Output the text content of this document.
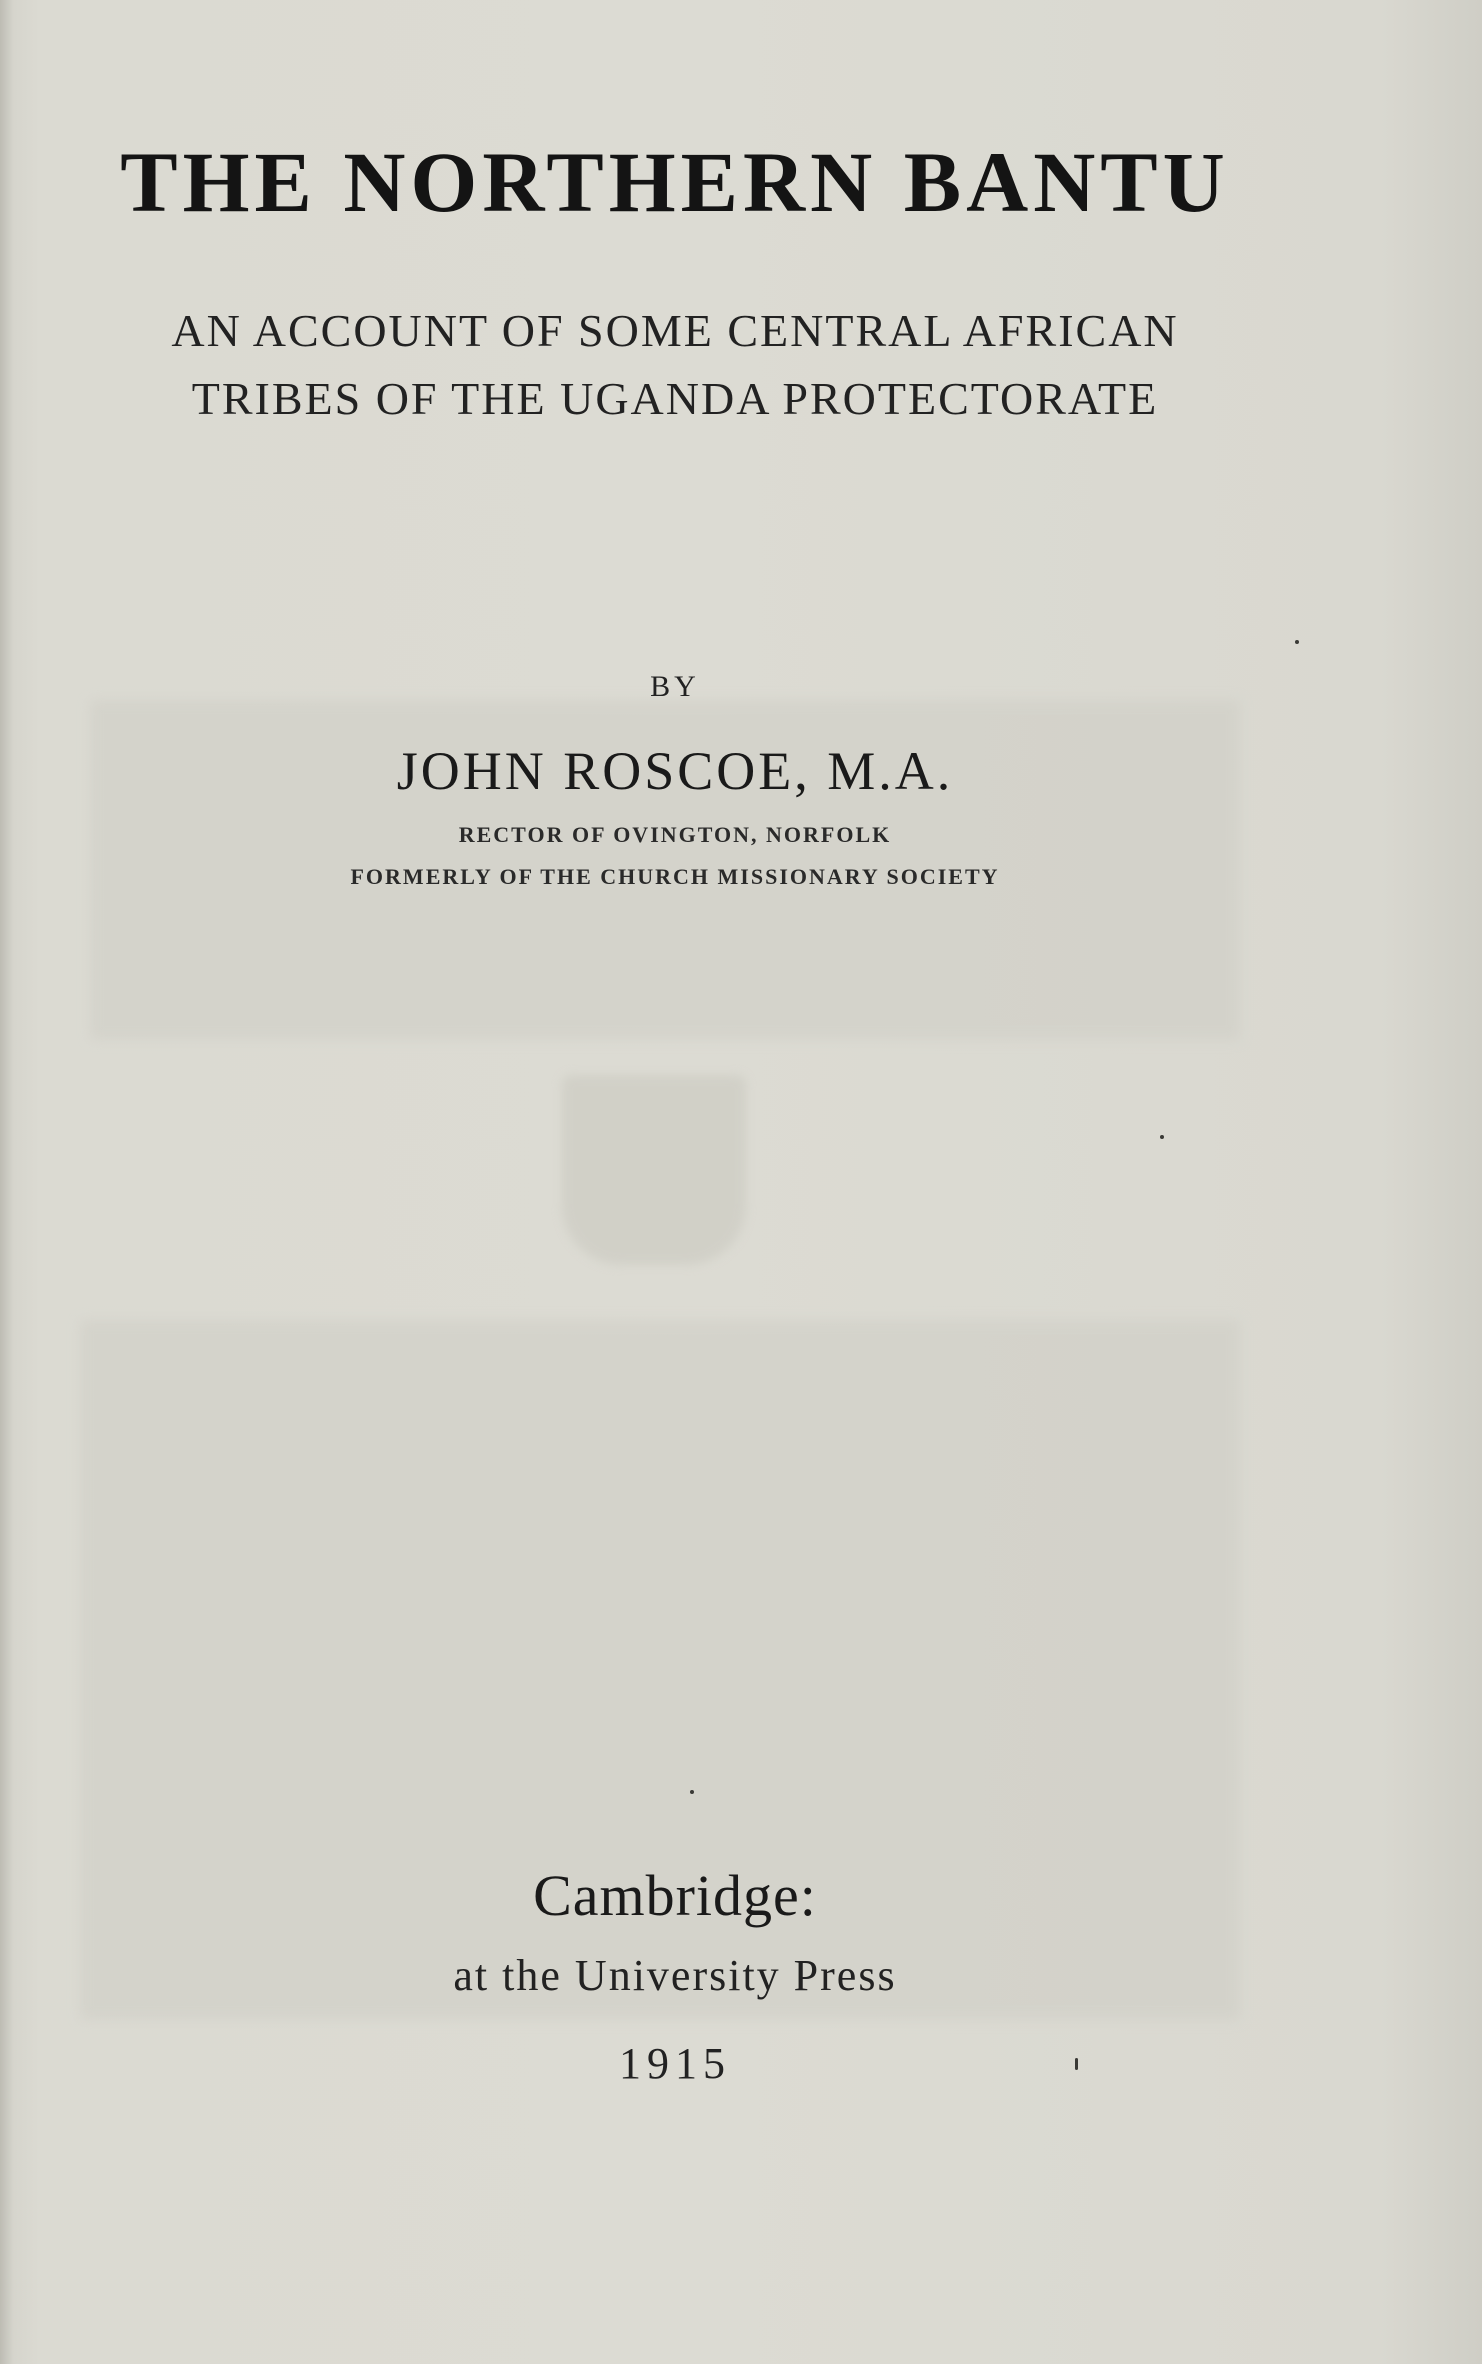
THE NORTHERN BANTU
AN ACCOUNT OF SOME CENTRAL AFRICAN
TRIBES OF THE UGANDA PROTECTORATE
BY
JOHN ROSCOE, M.A.
RECTOR OF OVINGTON, NORFOLK
FORMERLY OF THE CHURCH MISSIONARY SOCIETY
Cambridge:
at the University Press
1915
